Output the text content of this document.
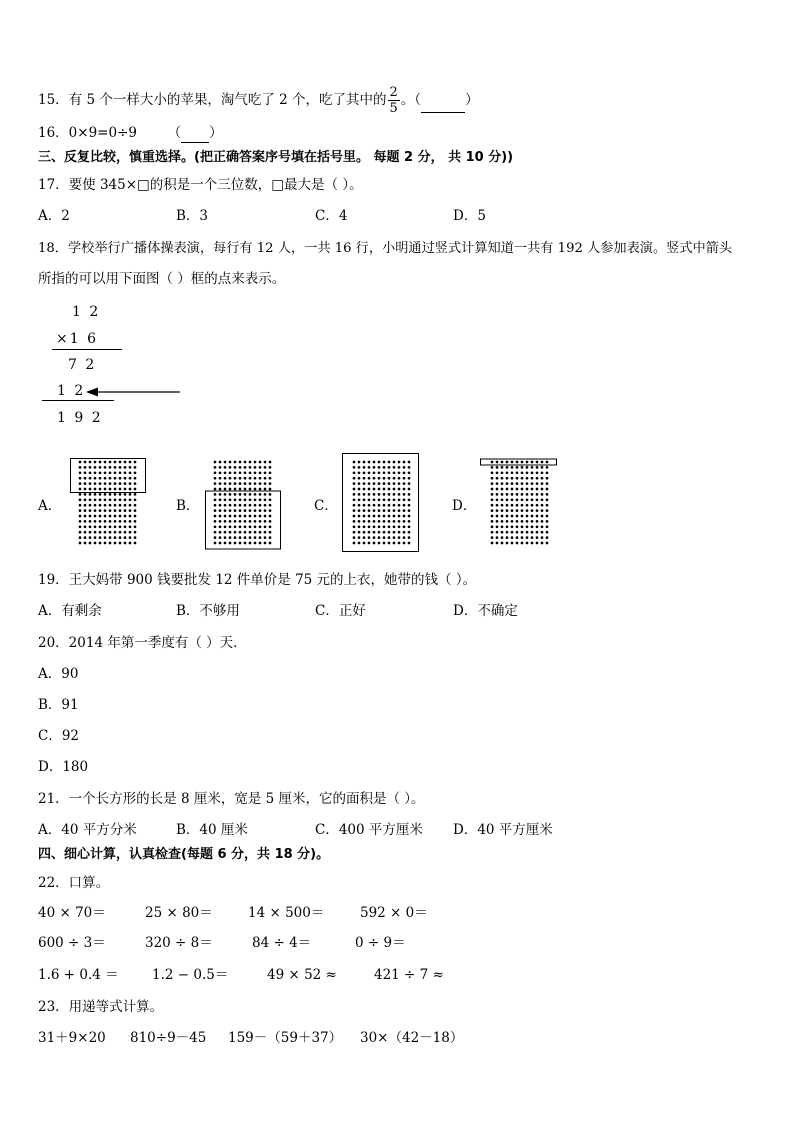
15．有 5 个一样大小的苹果，淘气吃了 2 个，吃了其中的 $\frac{2}{5}$ 。（	）
16．0×9=0÷9 （ ）
三、反复比较，慎重选择。(把正确答案序号填在括号里。 每题 2 分， 共 10 分))
17．要使 345×□的积是一个三位数，□最大是（ ）。
A．2	B．3	C．4	D．5
18．学校举行广播体操表演，每行有 12 人，一共 16 行，小明通过竖式计算知道一共有 192 人参加表演。竖式中箭头
所指的可以用下面图（ ）框的点来表示。
1 2
×1 6
7 2
1 2
1 9 2
A．	B．	C．	D．
19．王大妈带 900 钱要批发 12 件单价是 75 元的上衣，她带的钱（ ）。
A．有剩余	B．不够用	C．正好	D．不确定
20．2014 年第一季度有（ ）天．
A．90
B．91
C．92
D．180
21．一个长方形的长是 8 厘米，宽是 5 厘米，它的面积是（ ）。
A．40 平方分米	B．40 厘米	C．400 平方厘米 D．40 平方厘米
四、细心计算，认真检查(每题 6 分，共 18 分)。
22．口算。
40 × 70＝	25 × 80＝	14 × 500＝	592 × 0＝
600 ÷ 3＝	320 ÷ 8＝	84 ÷ 4＝	0 ÷ 9＝
1.6 + 0.4 ＝ 1.2 − 0.5＝	49 × 52 ≈	421 ÷ 7 ≈
23．用递等式计算。
31＋9×20 810÷9－45 159－（59＋37） 30×（42－18）
